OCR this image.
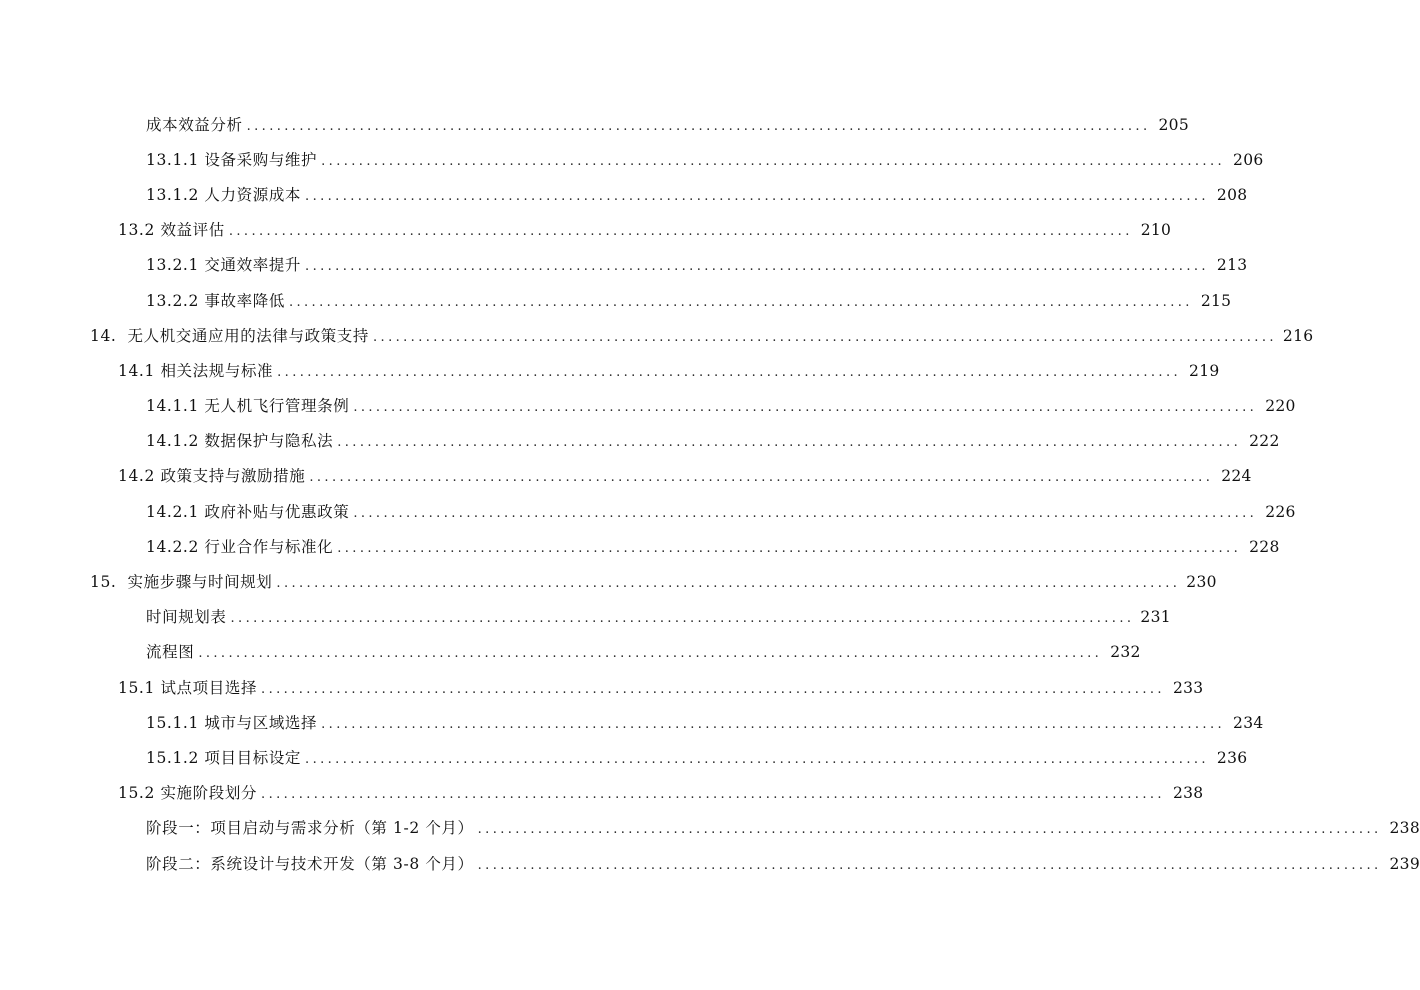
成本效益分析 ........................................................................................................................ 205
13.1.1 设备采购与维护 ........................................................................................................................ 206
13.1.2 人力资源成本 ........................................................................................................................ 208
13.2 效益评估 ........................................................................................................................ 210
13.2.1 交通效率提升 ........................................................................................................................ 213
13.2.2 事故率降低 ........................................................................................................................ 215
14.  无人机交通应用的法律与政策支持 ........................................................................................................................ 216
14.1 相关法规与标准 ........................................................................................................................ 219
14.1.1 无人机飞行管理条例 ........................................................................................................................ 220
14.1.2 数据保护与隐私法 ........................................................................................................................ 222
14.2 政策支持与激励措施 ........................................................................................................................ 224
14.2.1 政府补贴与优惠政策 ........................................................................................................................ 226
14.2.2 行业合作与标准化 ........................................................................................................................ 228
15.  实施步骤与时间规划 ........................................................................................................................ 230
时间规划表 ........................................................................................................................ 231
流程图 ........................................................................................................................ 232
15.1 试点项目选择 ........................................................................................................................ 233
15.1.1 城市与区域选择 ........................................................................................................................ 234
15.1.2 项目目标设定 ........................................................................................................................ 236
15.2 实施阶段划分 ........................................................................................................................ 238
阶段一：项目启动与需求分析（第 1-2 个月） ........................................................................................................................ 238
阶段二：系统设计与技术开发（第 3-8 个月） ........................................................................................................................ 239
